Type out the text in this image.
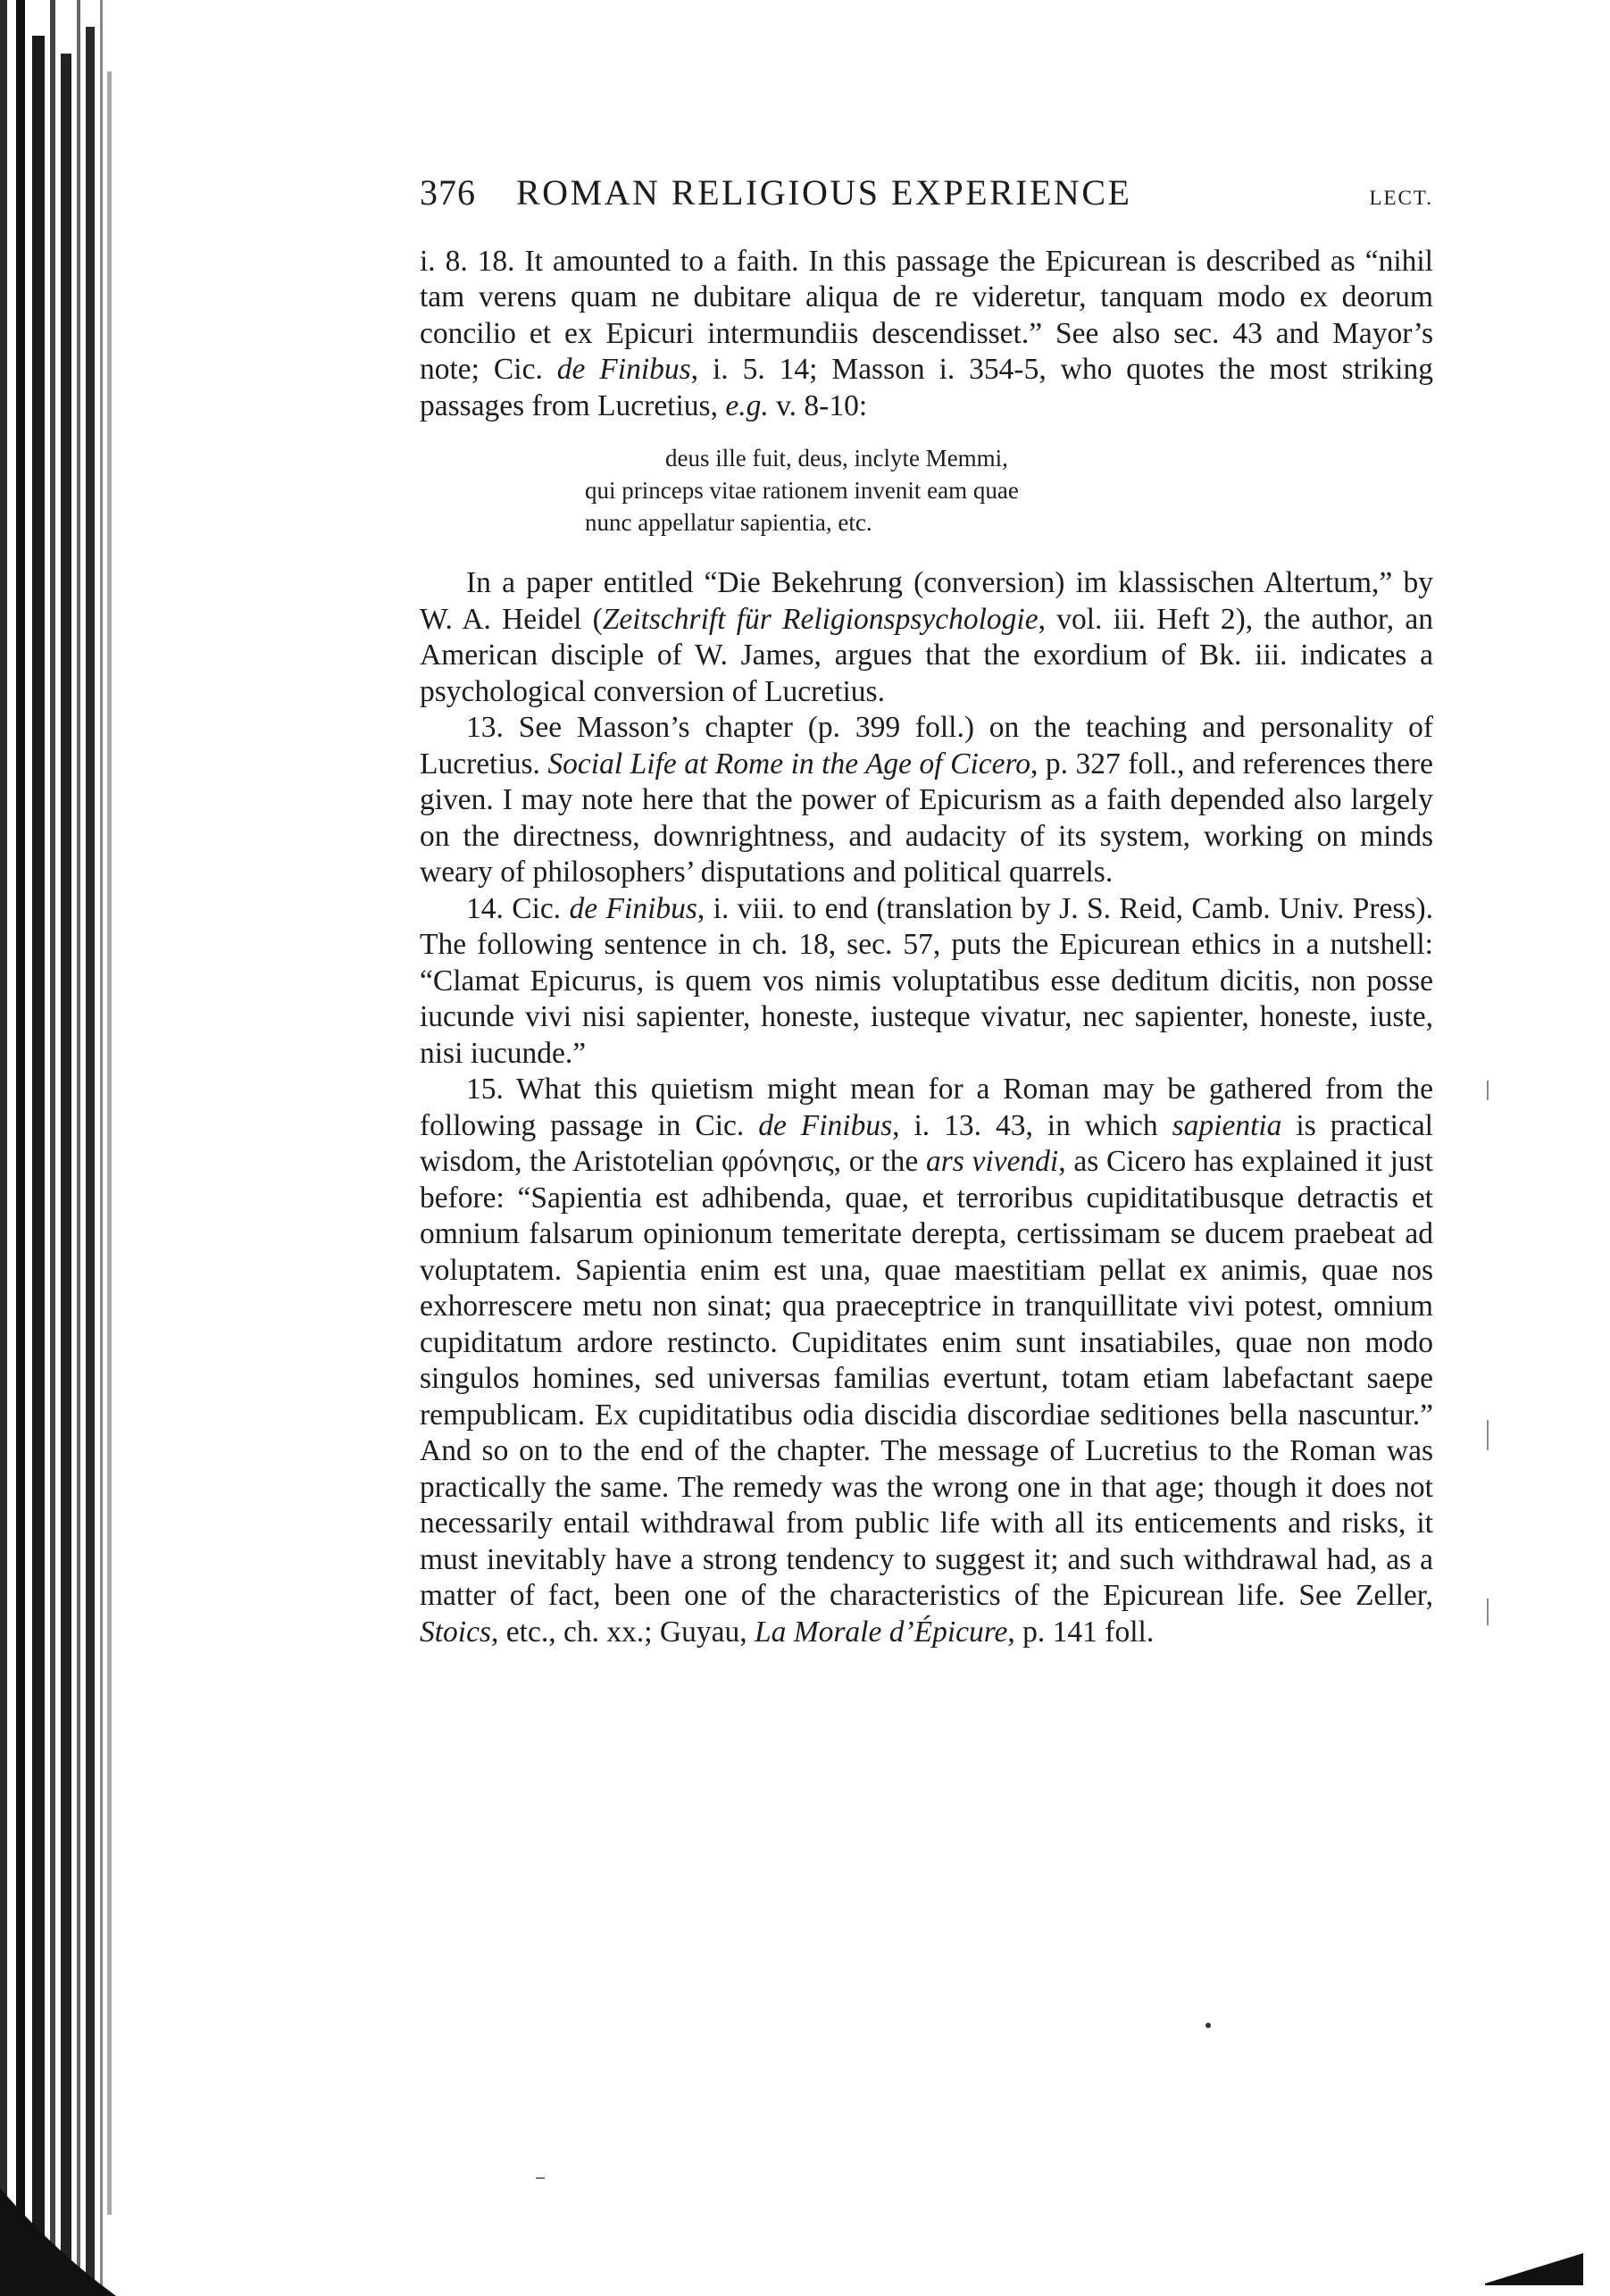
376 ROMAN RELIGIOUS EXPERIENCE	LECT.

i. 8. 18. It amounted to a faith. In this passage the Epicurean is described as “nihil tam verens quam ne dubitare aliqua de re videretur, tanquam modo ex deorum concilio et ex Epicuri intermundiis descendisset.” See also sec. 43 and Mayor’s note; Cic. de Finibus, i. 5. 14; Masson i. 354-5, who quotes the most striking passages from Lucretius, e.g. v. 8-10:

deus ille fuit, deus, inclyte Memmi,
qui princeps vitae rationem invenit eam quae
nunc appellatur sapientia, etc.

In a paper entitled “Die Bekehrung (conversion) im klassischen Altertum,” by W. A. Heidel (Zeitschrift für Religionspsychologie, vol. iii. Heft 2), the author, an American disciple of W. James, argues that the exordium of Bk. iii. indicates a psychological conversion of Lucretius.

13. See Masson’s chapter (p. 399 foll.) on the teaching and personality of Lucretius. Social Life at Rome in the Age of Cicero, p. 327 foll., and references there given. I may note here that the power of Epicurism as a faith depended also largely on the directness, downrightness, and audacity of its system, working on minds weary of philosophers’ disputations and political quarrels.

14. Cic. de Finibus, i. viii. to end (translation by J. S. Reid, Camb. Univ. Press). The following sentence in ch. 18, sec. 57, puts the Epicurean ethics in a nutshell: “Clamat Epicurus, is quem vos nimis voluptatibus esse deditum dicitis, non posse iucunde vivi nisi sapienter, honeste, iusteque vivatur, nec sapienter, honeste, iuste, nisi iucunde.”

15. What this quietism might mean for a Roman may be gathered from the following passage in Cic. de Finibus, i. 13. 43, in which sapientia is practical wisdom, the Aristotelian φρόνησις, or the ars vivendi, as Cicero has explained it just before: “Sapientia est adhibenda, quae, et terroribus cupiditatibusque detractis et omnium falsarum opinionum temeritate derepta, certissimam se ducem praebeat ad voluptatem. Sapientia enim est una, quae maestitiam pellat ex animis, quae nos exhorrescere metu non sinat; qua praeceptrice in tranquillitate vivi potest, omnium cupiditatum ardore restincto. Cupiditates enim sunt insatiabiles, quae non modo singulos homines, sed universas familias evertunt, totam etiam labefactant saepe rempublicam. Ex cupiditatibus odia discidia discordiae seditiones bella nascuntur.” And so on to the end of the chapter. The message of Lucretius to the Roman was practically the same. The remedy was the wrong one in that age; though it does not necessarily entail withdrawal from public life with all its enticements and risks, it must inevitably have a strong tendency to suggest it; and such withdrawal had, as a matter of fact, been one of the characteristics of the Epicurean life. See Zeller, Stoics, etc., ch. xx.; Guyau, La Morale d’Épicure, p. 141 foll.
